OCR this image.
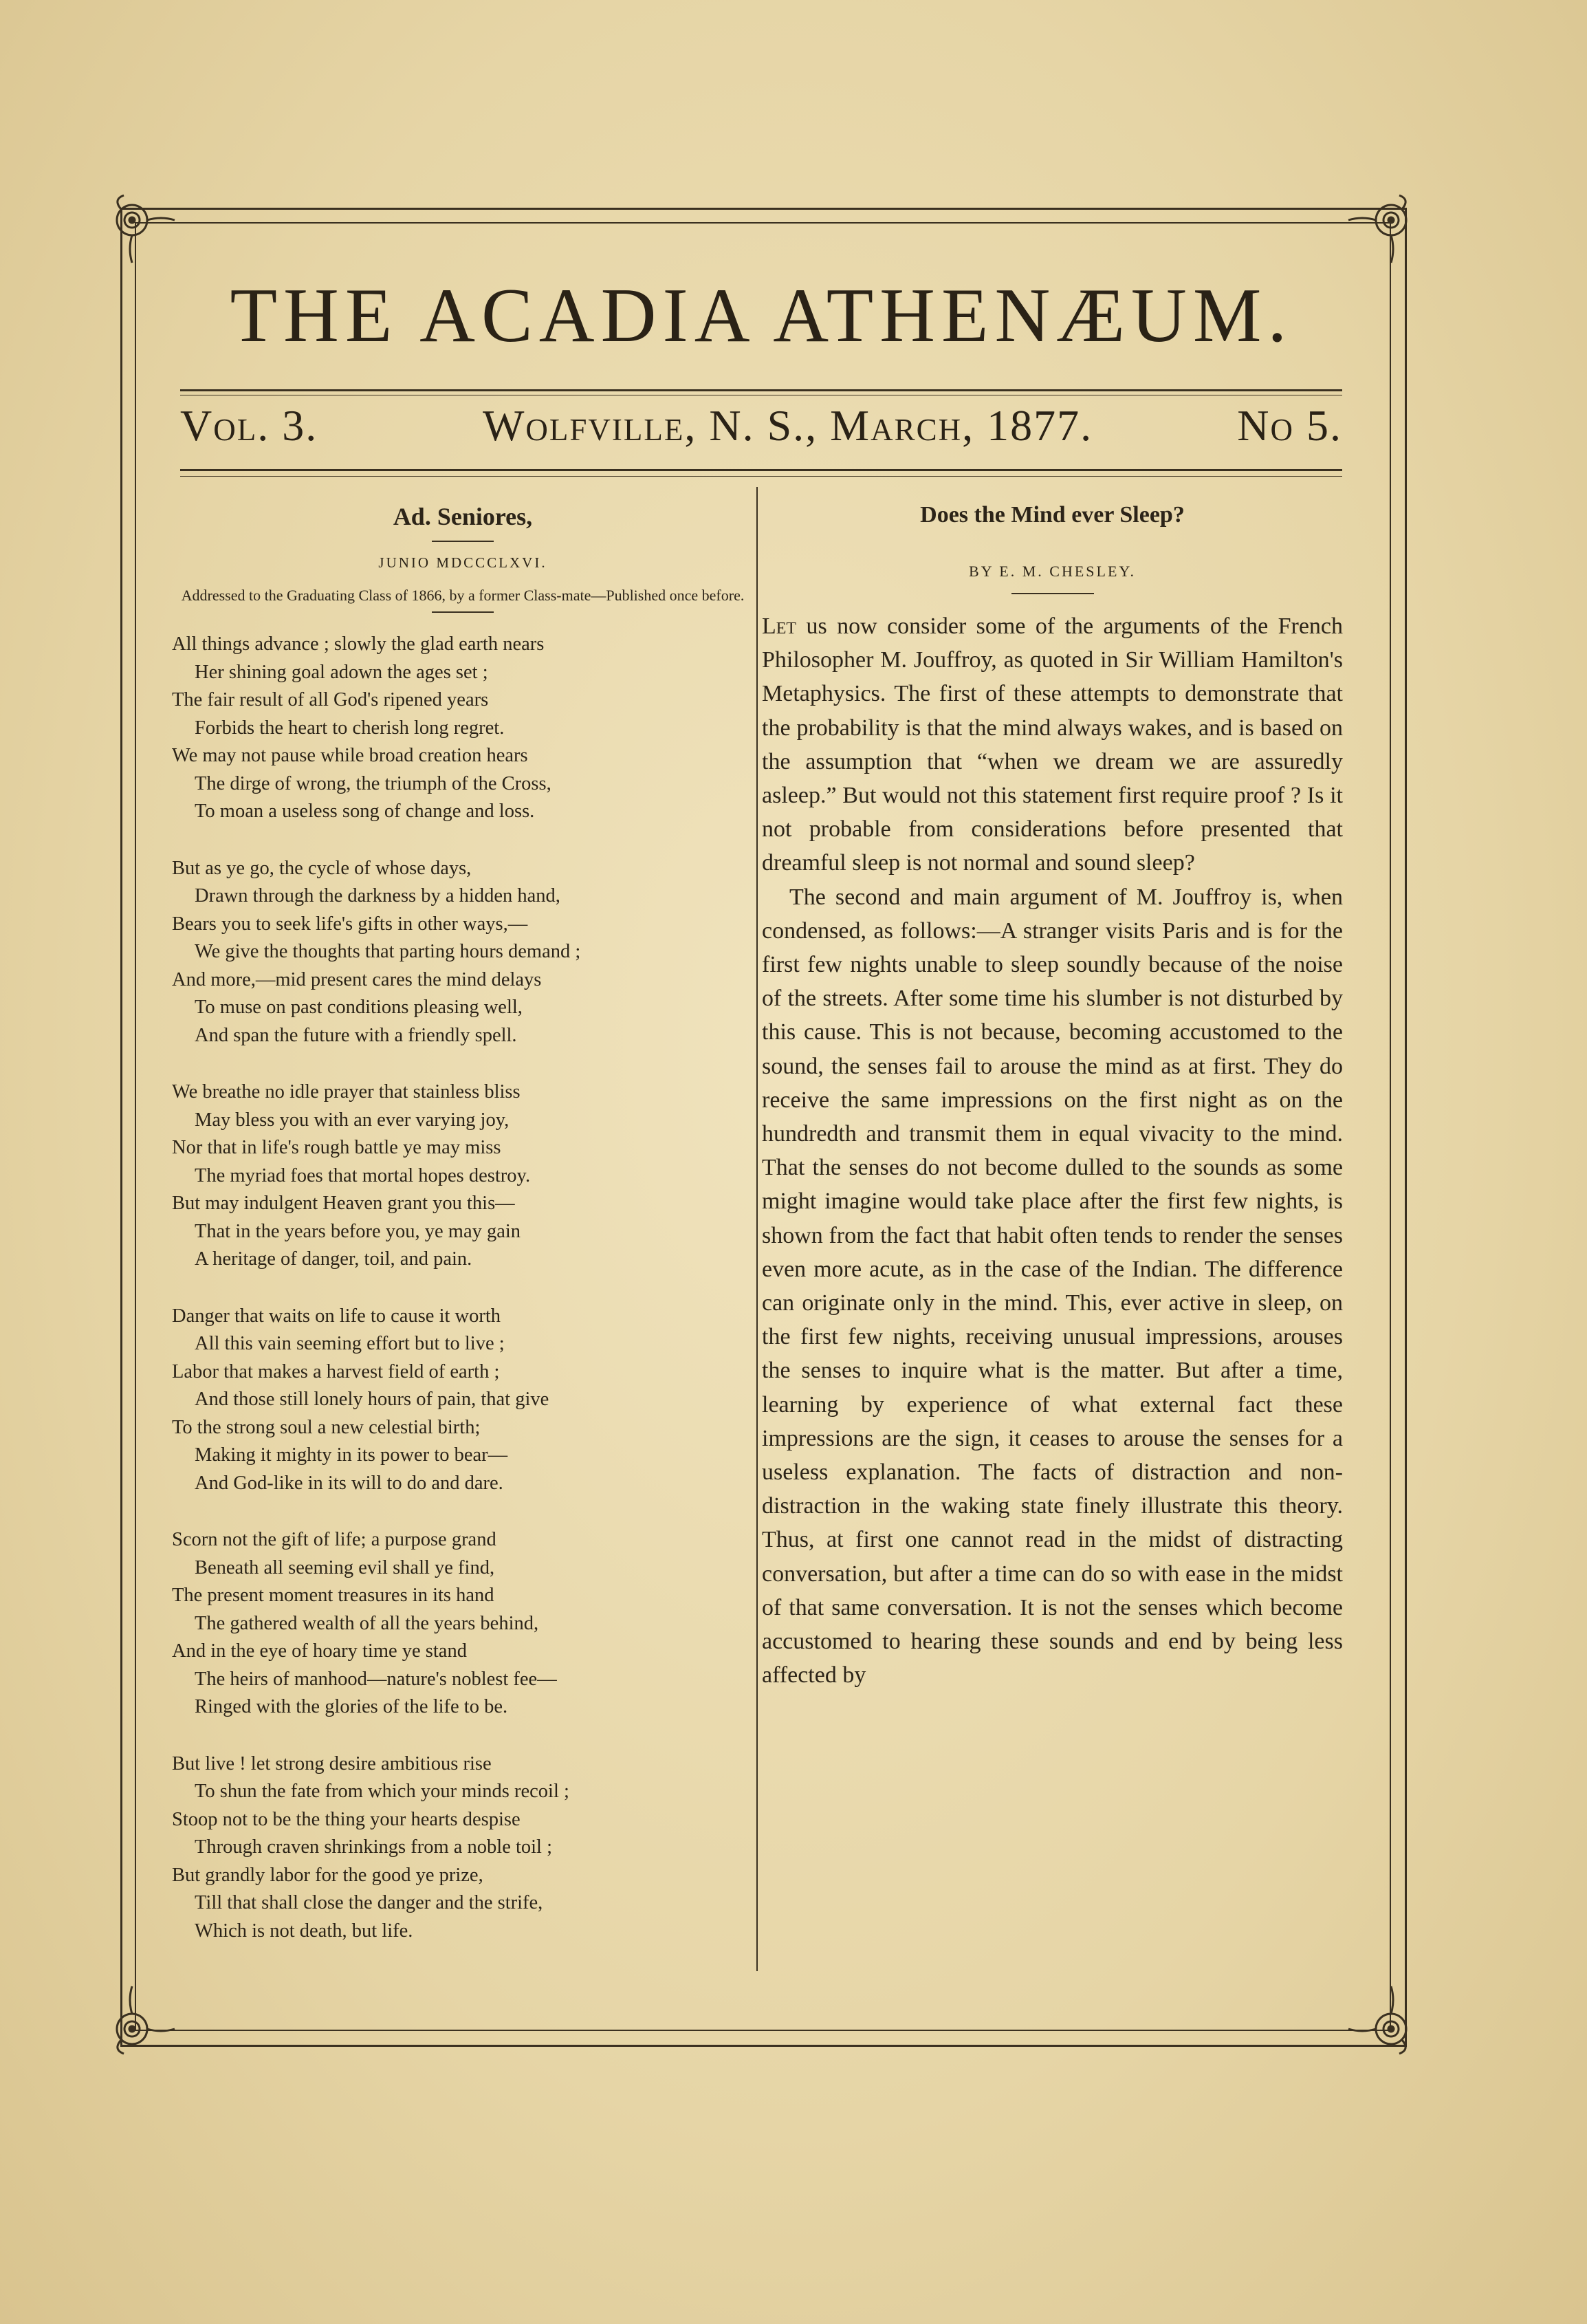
THE ACADIA ATHENÆUM.
Vol. 3.	Wolfville, N. S., March, 1877.	No 5.
Ad. Seniores,

JUNIO MDCCCLXVI.

Addressed to the Graduating Class of 1866, by a former Class-mate—Published once before.

All things advance ; slowly the glad earth nears
Her shining goal adown the ages set ;
The fair result of all God's ripened years
Forbids the heart to cherish long regret.
We may not pause while broad creation hears
The dirge of wrong, the triumph of the Cross,
To moan a useless song of change and loss.
But as ye go, the cycle of whose days,
Drawn through the darkness by a hidden hand,
Bears you to seek life's gifts in other ways,—
We give the thoughts that parting hours demand ;
And more,—mid present cares the mind delays
To muse on past conditions pleasing well,
And span the future with a friendly spell.
We breathe no idle prayer that stainless bliss
May bless you with an ever varying joy,
Nor that in life's rough battle ye may miss
The myriad foes that mortal hopes destroy.
But may indulgent Heaven grant you this—
That in the years before you, ye may gain
A heritage of danger, toil, and pain.
Danger that waits on life to cause it worth
All this vain seeming effort but to live ;
Labor that makes a harvest field of earth ;
And those still lonely hours of pain, that give
To the strong soul a new celestial birth;
Making it mighty in its power to bear—
And God-like in its will to do and dare.
Scorn not the gift of life; a purpose grand
Beneath all seeming evil shall ye find,
The present moment treasures in its hand
The gathered wealth of all the years behind,
And in the eye of hoary time ye stand
The heirs of manhood—nature's noblest fee—
Ringed with the glories of the life to be.
But live ! let strong desire ambitious rise
To shun the fate from which your minds recoil ;
Stoop not to be the thing your hearts despise
Through craven shrinkings from a noble toil ;
But grandly labor for the good ye prize,
Till that shall close the danger and the strife,
Which is not death, but life.
Does the Mind ever Sleep?

BY E. M. CHESLEY.

Let us now consider some of the arguments of the French Philosopher M. Jouffroy, as quoted in Sir William Hamilton's Metaphysics. The first of these attempts to demonstrate that the probability is that the mind always wakes, and is based on the assumption that “when we dream we are assuredly asleep.” But would not this statement first require proof ? Is it not probable from considerations before presented that dreamful sleep is not normal and sound sleep?

The second and main argument of M. Jouffroy is, when condensed, as follows:—A stranger visits Paris and is for the first few nights unable to sleep soundly because of the noise of the streets. After some time his slumber is not disturbed by this cause. This is not because, becoming accustomed to the sound, the senses fail to arouse the mind as at first. They do receive the same impressions on the first night as on the hundredth and transmit them in equal vivacity to the mind. That the senses do not become dulled to the sounds as some might imagine would take place after the first few nights, is shown from the fact that habit often tends to render the senses even more acute, as in the case of the Indian. The difference can originate only in the mind. This, ever active in sleep, on the first few nights, receiving unusual impressions, arouses the senses to inquire what is the matter. But after a time, learning by experience of what external fact these impressions are the sign, it ceases to arouse the senses for a useless explanation. The facts of distraction and non-distraction in the waking state finely illustrate this theory. Thus, at first one cannot read in the midst of distracting conversation, but after a time can do so with ease in the midst of that same conversation. It is not the senses which become accustomed to hearing these sounds and end by being less affected by
